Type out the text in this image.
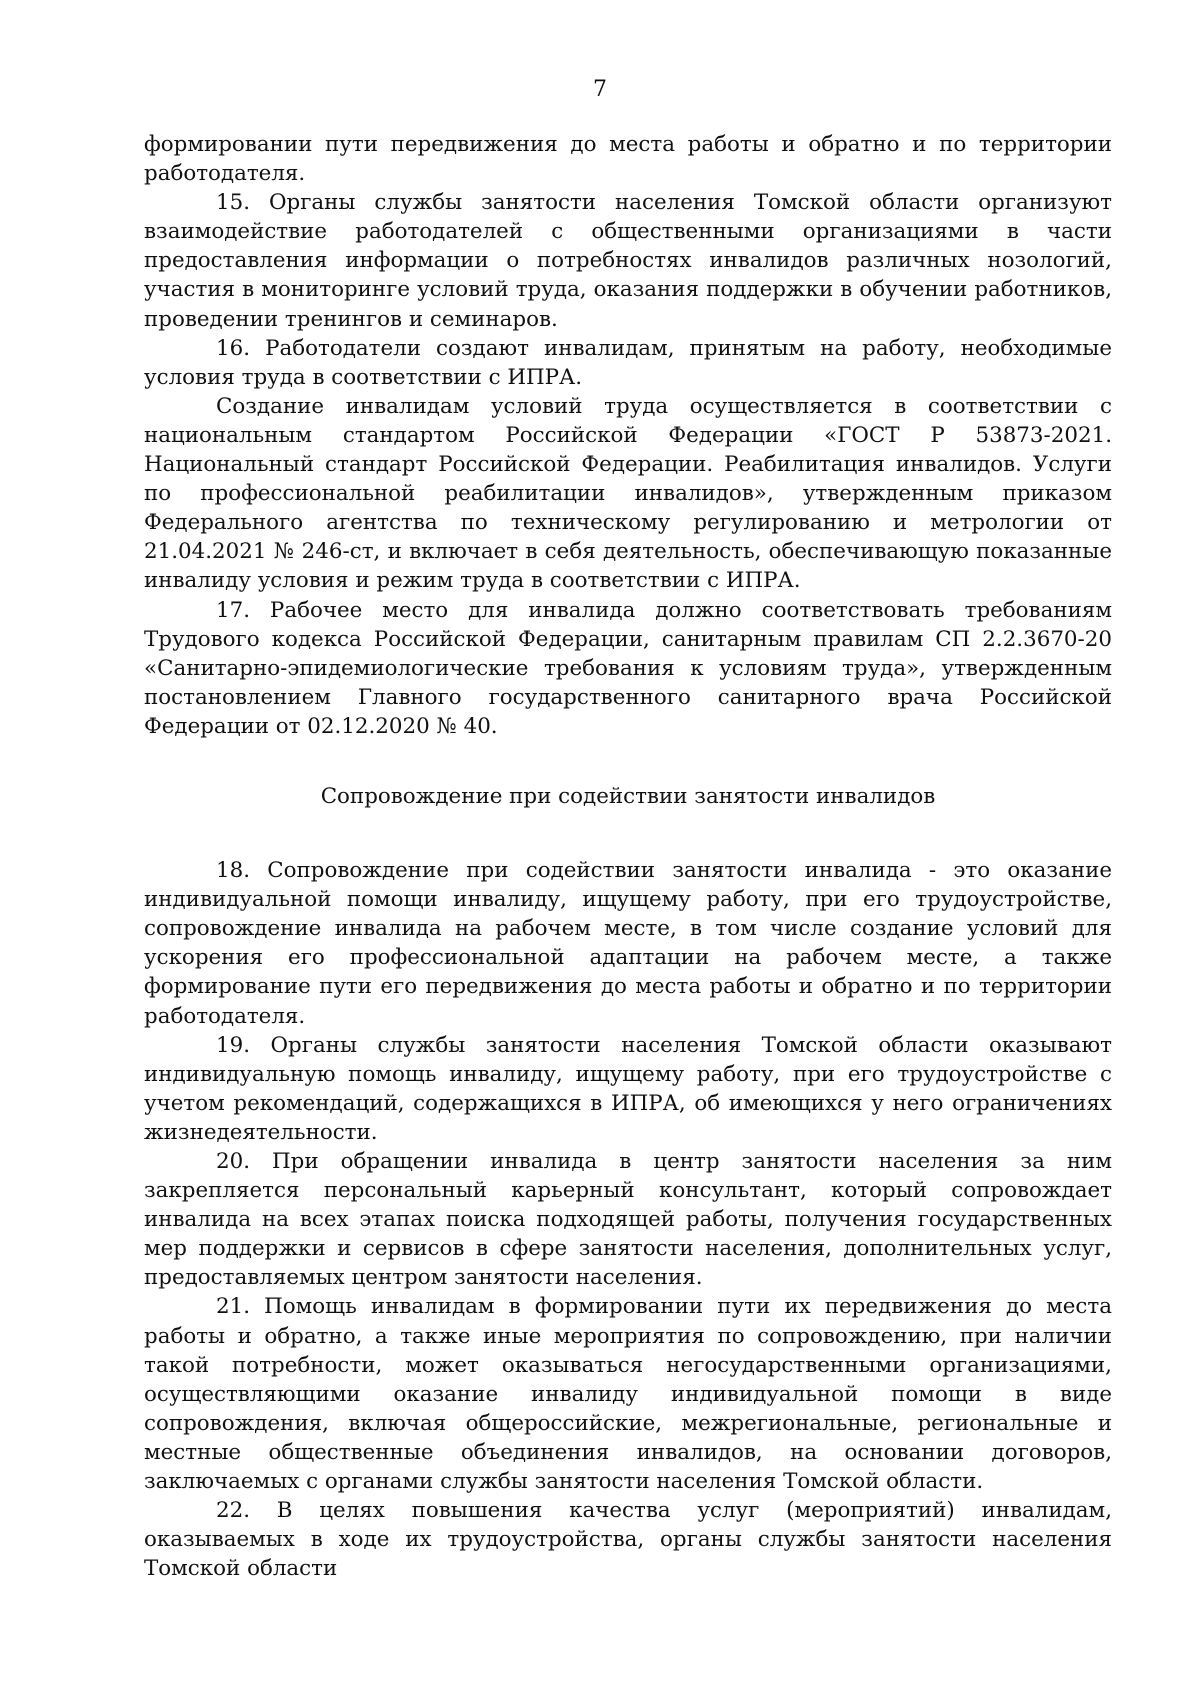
7

формировании пути передвижения до места работы и обратно и по территории работодателя.

15. Органы службы занятости населения Томской области организуют взаимодействие работодателей с общественными организациями в части предоставления информации о потребностях инвалидов различных нозологий, участия в мониторинге условий труда, оказания поддержки в обучении работников, проведении тренингов и семинаров.

16. Работодатели создают инвалидам, принятым на работу, необходимые условия труда в соответствии с ИПРА.

Создание инвалидам условий труда осуществляется в соответствии с национальным стандартом Российской Федерации «ГОСТ Р 53873-2021. Национальный стандарт Российской Федерации. Реабилитация инвалидов. Услуги по профессиональной реабилитации инвалидов», утвержденным приказом Федерального агентства по техническому регулированию и метрологии от 21.04.2021 № 246-ст, и включает в себя деятельность, обеспечивающую показанные инвалиду условия и режим труда в соответствии с ИПРА.

17. Рабочее место для инвалида должно соответствовать требованиям Трудового кодекса Российской Федерации, санитарным правилам СП 2.2.3670-20 «Санитарно-эпидемиологические требования к условиям труда», утвержденным постановлением Главного государственного санитарного врача Российской Федерации от 02.12.2020 № 40.

Сопровождение при содействии занятости инвалидов

18. Сопровождение при содействии занятости инвалида - это оказание индивидуальной помощи инвалиду, ищущему работу, при его трудоустройстве, сопровождение инвалида на рабочем месте, в том числе создание условий для ускорения его профессиональной адаптации на рабочем месте, а также формирование пути его передвижения до места работы и обратно и по территории работодателя.

19. Органы службы занятости населения Томской области оказывают индивидуальную помощь инвалиду, ищущему работу, при его трудоустройстве с учетом рекомендаций, содержащихся в ИПРА, об имеющихся у него ограничениях жизнедеятельности.

20. При обращении инвалида в центр занятости населения за ним закрепляется персональный карьерный консультант, который сопровождает инвалида на всех этапах поиска подходящей работы, получения государственных мер поддержки и сервисов в сфере занятости населения, дополнительных услуг, предоставляемых центром занятости населения.

21. Помощь инвалидам в формировании пути их передвижения до места работы и обратно, а также иные мероприятия по сопровождению, при наличии такой потребности, может оказываться негосударственными организациями, осуществляющими оказание инвалиду индивидуальной помощи в виде сопровождения, включая общероссийские, межрегиональные, региональные и местные общественные объединения инвалидов, на основании договоров, заключаемых с органами службы занятости населения Томской области.

22. В целях повышения качества услуг (мероприятий) инвалидам, оказываемых в ходе их трудоустройства, органы службы занятости населения Томской области
